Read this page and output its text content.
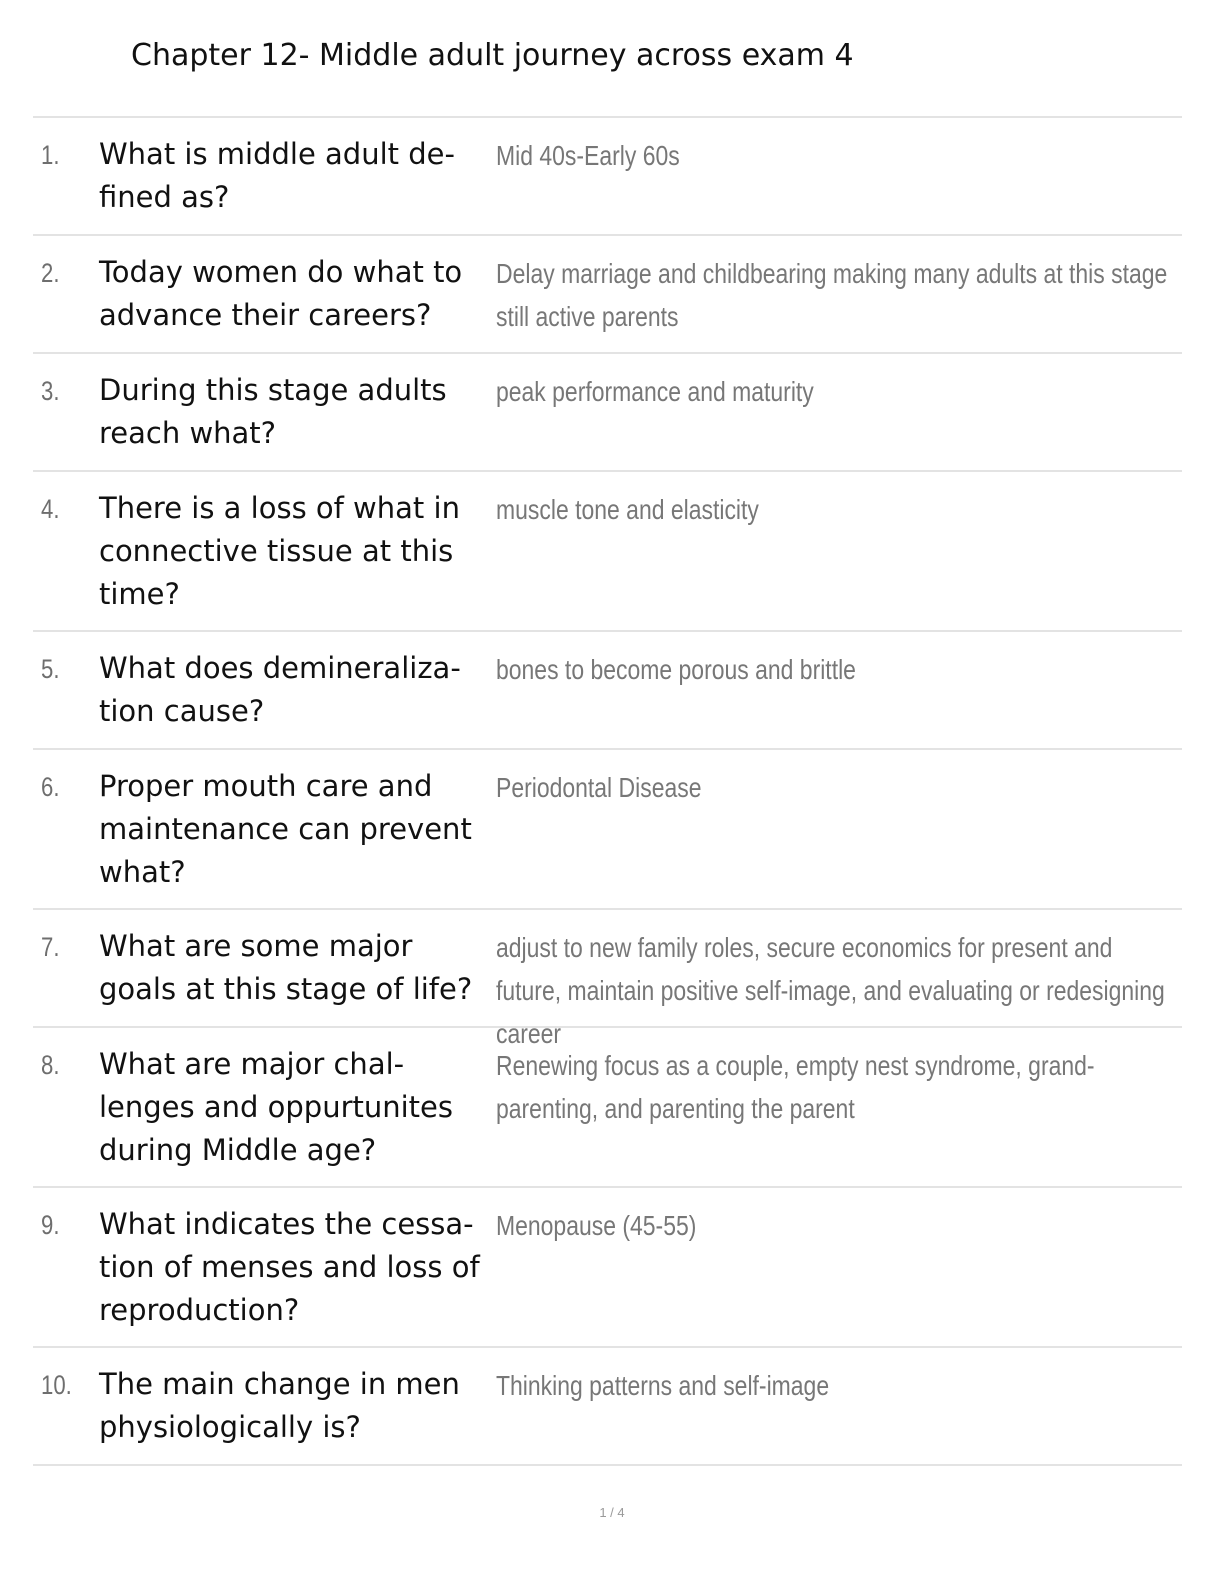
Chapter 12- Middle adult journey across exam 4
1. What is middle adult de- fined as?
Mid 40s-Early 60s
2. Today women do what to advance their careers?
Delay marriage and childbearing making many adults at this stage still active parents
3. During this stage adults reach what?
peak performance and maturity
4. There is a loss of what in connective tissue at this time?
muscle tone and elasticity
5. What does demineraliza- tion cause?
bones to become porous and brittle
6. Proper mouth care and maintenance can prevent what?
Periodontal Disease
7. What are some major goals at this stage of life?
adjust to new family roles, secure economics for present and future, maintain positive self-image, and evaluating or redesigning career
8. What are major chal- lenges and oppurtunites during Middle age?
Renewing focus as a couple, empty nest syndrome, grand-parenting, and parenting the parent
9. What indicates the cessa- tion of menses and loss of reproduction?
Menopause (45-55)
10. The main change in men physiologically is?
Thinking patterns and self-image
1 / 4
